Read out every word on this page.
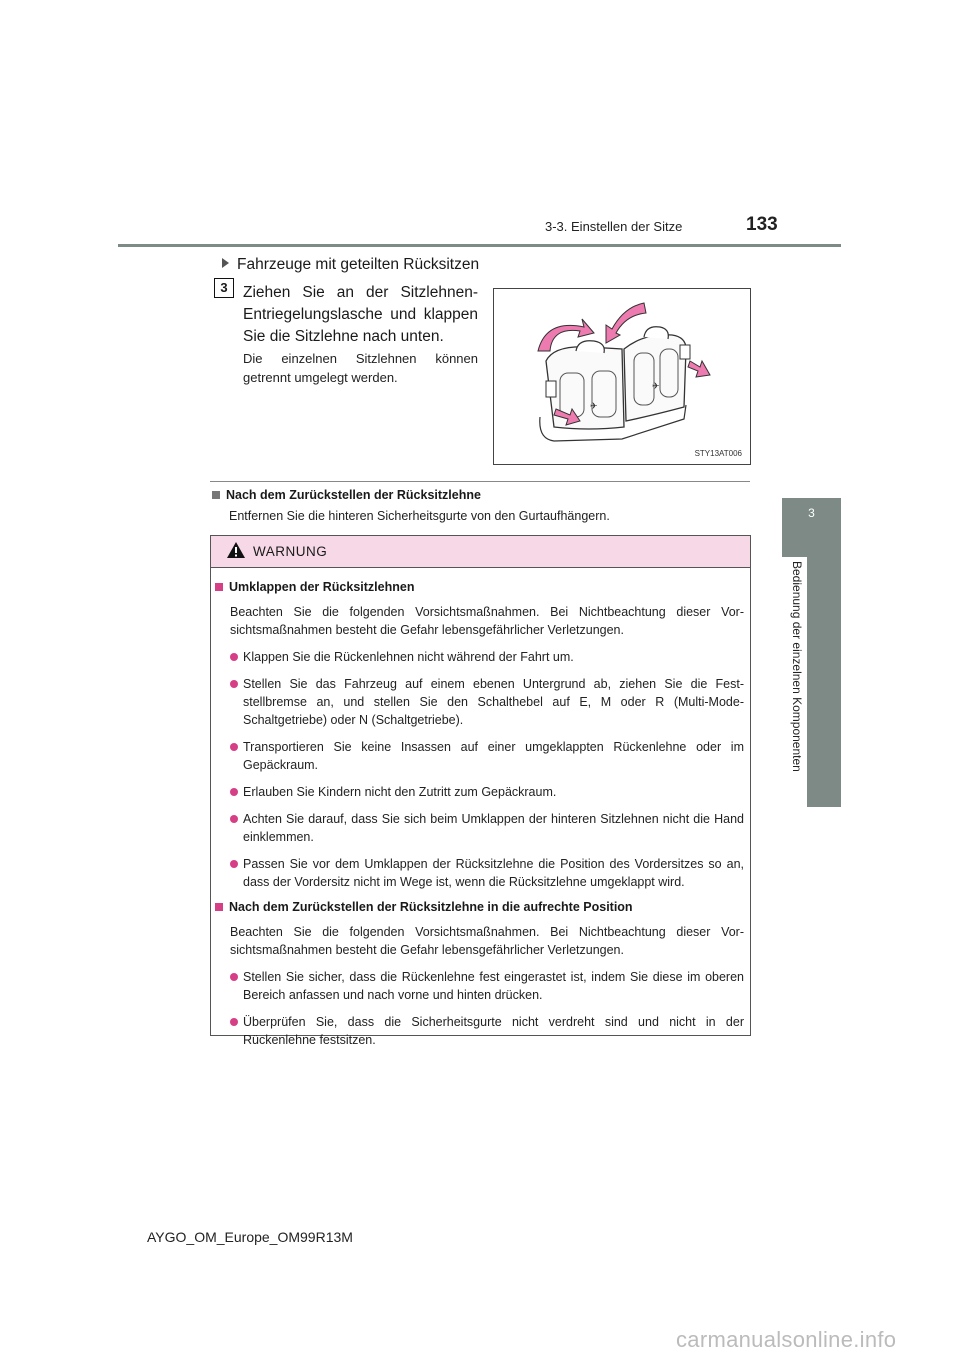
3-3. Einstellen der Sitze	133
3
Bedienung der einzelnen Komponenten
Fahrzeuge mit geteilten Rücksitzen
3 Ziehen Sie an der Sitzlehnen-Entriegelungslasche und klappen Sie die Sitzlehne nach unten.
Die einzelnen Sitzlehnen können getrennt umgelegt werden.
✈
✈
STY13AT006
Nach dem Zurückstellen der Rücksitzlehne
Entfernen Sie die hinteren Sicherheitsgurte von den Gurtaufhängern.
WARNUNG
Umklappen der Rücksitzlehnen
Beachten Sie die folgenden Vorsichtsmaßnahmen. Bei Nichtbeachtung dieser Vor-sichtsmaßnahmen besteht die Gefahr lebensgefährlicher Verletzungen.
Klappen Sie die Rückenlehnen nicht während der Fahrt um.
Stellen Sie das Fahrzeug auf einem ebenen Untergrund ab, ziehen Sie die Fest-stellbremse an, und stellen Sie den Schalthebel auf E, M oder R (Multi-Mode-Schaltgetriebe) oder N (Schaltgetriebe).
Transportieren Sie keine Insassen auf einer umgeklappten Rückenlehne oder im Gepäckraum.
Erlauben Sie Kindern nicht den Zutritt zum Gepäckraum.
Achten Sie darauf, dass Sie sich beim Umklappen der hinteren Sitzlehnen nicht die Hand einklemmen.
Passen Sie vor dem Umklappen der Rücksitzlehne die Position des Vordersitzes so an, dass der Vordersitz nicht im Wege ist, wenn die Rücksitzlehne umgeklappt wird.
Nach dem Zurückstellen der Rücksitzlehne in die aufrechte Position
Beachten Sie die folgenden Vorsichtsmaßnahmen. Bei Nichtbeachtung dieser Vor-sichtsmaßnahmen besteht die Gefahr lebensgefährlicher Verletzungen.
Stellen Sie sicher, dass die Rückenlehne fest eingerastet ist, indem Sie diese im oberen Bereich anfassen und nach vorne und hinten drücken.
Überprüfen Sie, dass die Sicherheitsgurte nicht verdreht sind und nicht in der Rückenlehne festsitzen.
AYGO_OM_Europe_OM99R13M
carmanualsonline.info
